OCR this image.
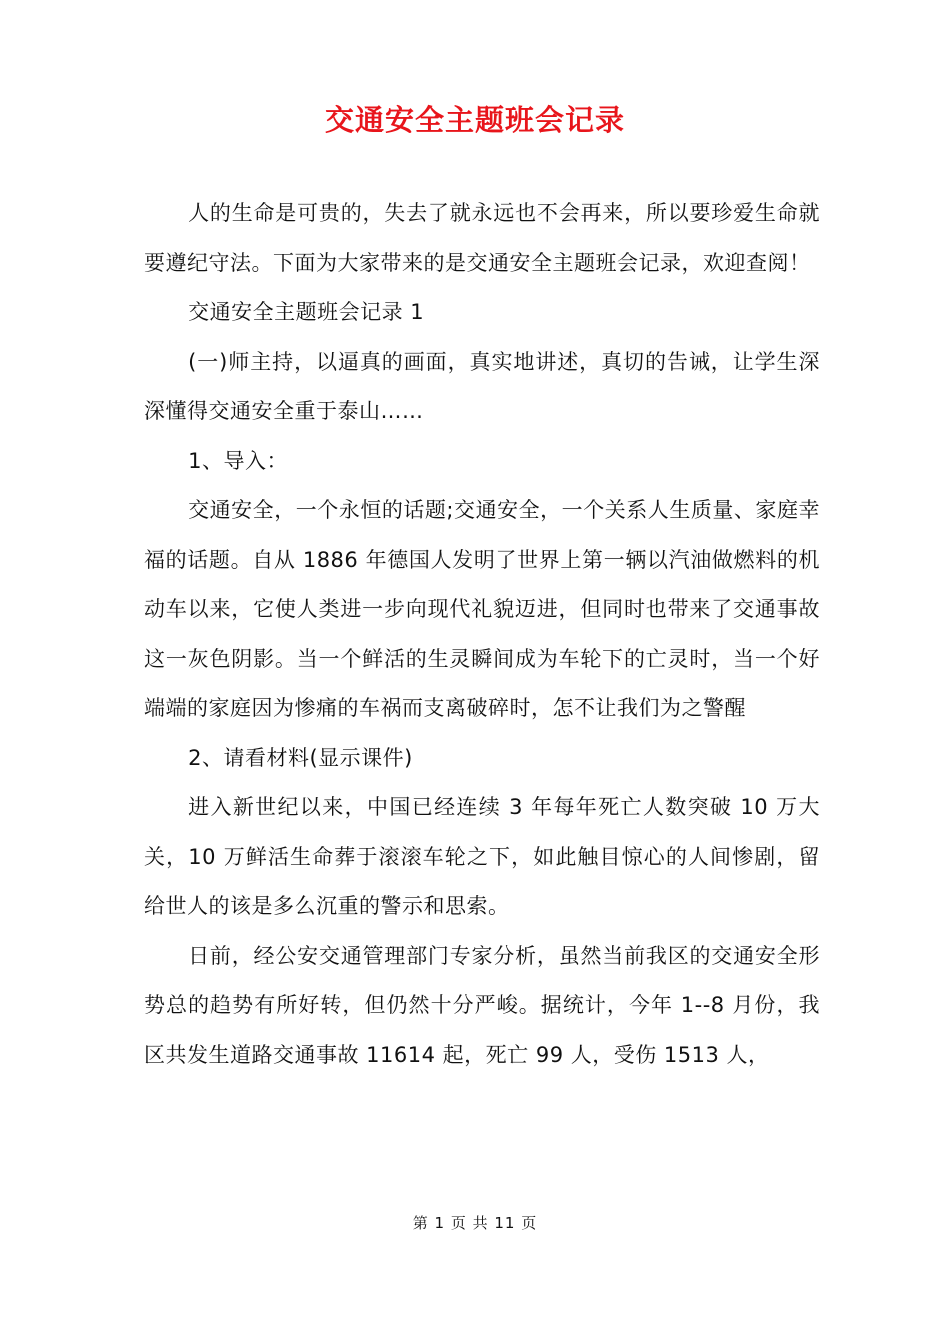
交通安全主题班会记录

人的生命是可贵的，失去了就永远也不会再来，所以要珍爱生命就要遵纪守法。下面为大家带来的是交通安全主题班会记录，欢迎查阅！

交通安全主题班会记录 1

(一)师主持，以逼真的画面，真实地讲述，真切的告诫，让学生深深懂得交通安全重于泰山……

1、导入：

交通安全，一个永恒的话题;交通安全，一个关系人生质量、家庭幸福的话题。自从 1886 年德国人发明了世界上第一辆以汽油做燃料的机动车以来，它使人类进一步向现代礼貌迈进，但同时也带来了交通事故这一灰色阴影。当一个鲜活的生灵瞬间成为车轮下的亡灵时，当一个好端端的家庭因为惨痛的车祸而支离破碎时，怎不让我们为之警醒

2、请看材料(显示课件)

进入新世纪以来，中国已经连续 3 年每年死亡人数突破 10 万大关，10 万鲜活生命葬于滚滚车轮之下，如此触目惊心的人间惨剧，留给世人的该是多么沉重的警示和思索。

日前，经公安交通管理部门专家分析，虽然当前我区的交通安全形势总的趋势有所好转，但仍然十分严峻。据统计，今年 1--8 月份，我区共发生道路交通事故 11614 起，死亡 99 人，受伤 1513 人，

第 1 页 共 11 页
